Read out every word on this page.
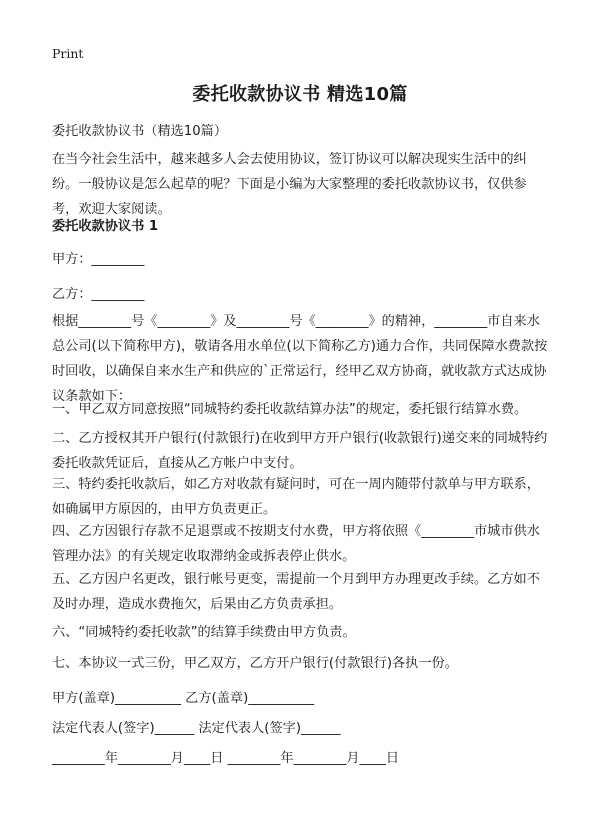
Print
委托收款协议书 精选10篇

委托收款协议书（精选10篇）

在当今社会生活中，越来越多人会去使用协议，签订协议可以解决现实生活中的纠纷。一般协议是怎么起草的呢？下面是小编为大家整理的委托收款协议书，仅供参考，欢迎大家阅读。

委托收款协议书 1

甲方：________

乙方：________

根据________号《________》及________号《________》的精神，________市自来水总公司(以下简称甲方)，敬请各用水单位(以下简称乙方)通力合作，共同保障水费款按时回收，以确保自来水生产和供应的`正常运行，经甲乙双方协商，就收款方式达成协议条款如下：

一、甲乙双方同意按照“同城特约委托收款结算办法”的规定，委托银行结算水费。

二、乙方授权其开户银行(付款银行)在收到甲方开户银行(收款银行)递交来的同城特约委托收款凭证后，直接从乙方帐户中支付。

三、特约委托收款后，如乙方对收款有疑问时，可在一周内随带付款单与甲方联系，如确属甲方原因的，由甲方负责更正。

四、乙方因银行存款不足退票或不按期支付水费，甲方将依照《________市城市供水管理办法》的有关规定收取滞纳金或拆表停止供水。

五、乙方因户名更改，银行帐号更变，需提前一个月到甲方办理更改手续。乙方如不及时办理，造成水费拖欠，后果由乙方负责承担。

六、“同城特约委托收款”的结算手续费由甲方负责。

七、本协议一式三份，甲乙双方，乙方开户银行(付款银行)各执一份。

甲方(盖章)__________ 乙方(盖章)__________

法定代表人(签字)______ 法定代表人(签字)______

________年________月____日 ________年________月____日
